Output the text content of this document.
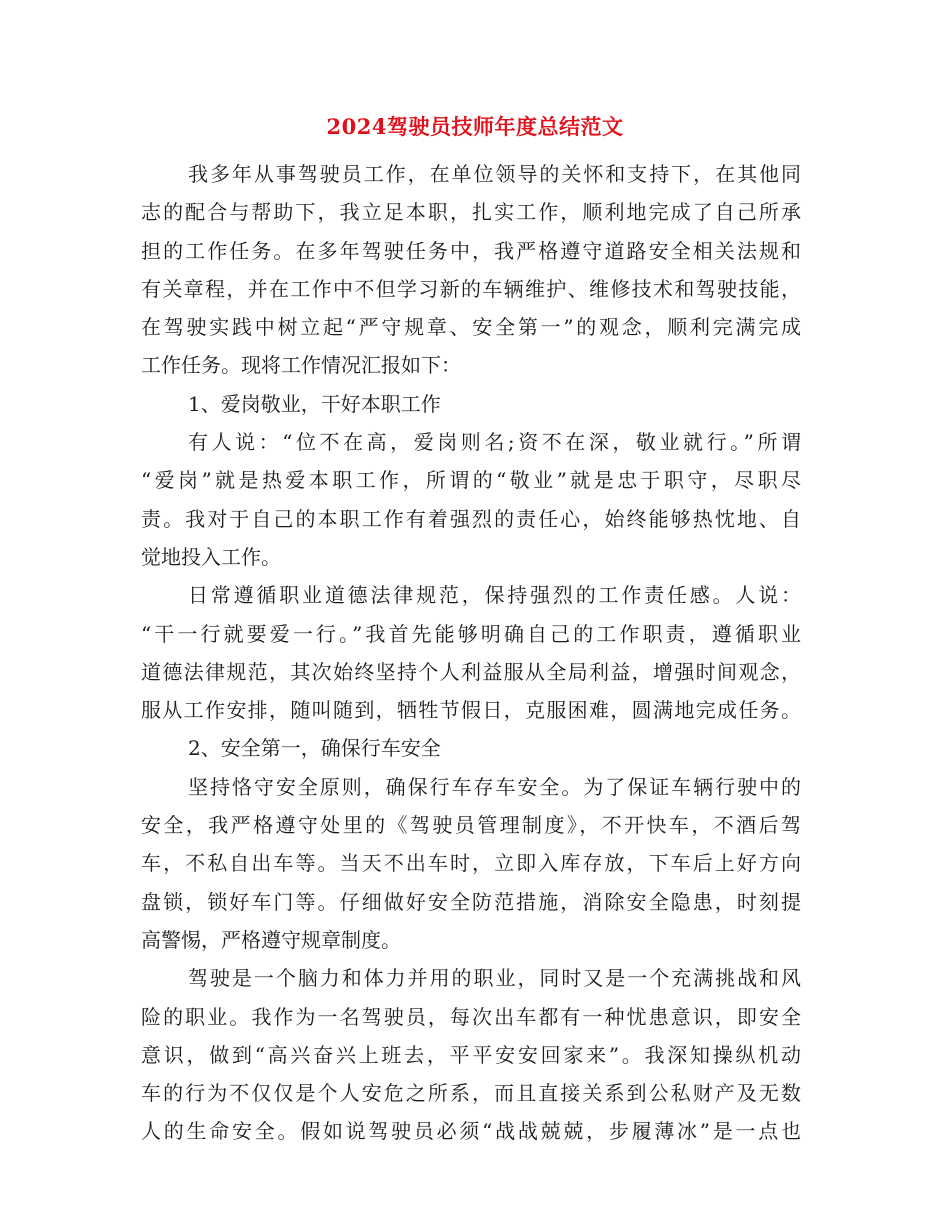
2024驾驶员技师年度总结范文
我多年从事驾驶员工作，在单位领导的关怀和支持下，在其他同
志的配合与帮助下，我立足本职，扎实工作，顺利地完成了自己所承
担的工作任务。在多年驾驶任务中，我严格遵守道路安全相关法规和
有关章程，并在工作中不但学习新的车辆维护、维修技术和驾驶技能，
在驾驶实践中树立起“严守规章、安全第一”的观念，顺利完满完成
工作任务。现将工作情况汇报如下：
1、爱岗敬业，干好本职工作
有人说：“位不在高，爱岗则名;资不在深，敬业就行。”所谓
“爱岗”就是热爱本职工作，所谓的“敬业”就是忠于职守，尽职尽
责。我对于自己的本职工作有着强烈的责任心，始终能够热忱地、自
觉地投入工作。
日常遵循职业道德法律规范，保持强烈的工作责任感。人说：
“干一行就要爱一行。”我首先能够明确自己的工作职责，遵循职业
道德法律规范，其次始终坚持个人利益服从全局利益，增强时间观念，
服从工作安排，随叫随到，牺牲节假日，克服困难，圆满地完成任务。
2、安全第一，确保行车安全
坚持恪守安全原则，确保行车存车安全。为了保证车辆行驶中的
安全，我严格遵守处里的《驾驶员管理制度》，不开快车，不酒后驾
车，不私自出车等。当天不出车时，立即入库存放，下车后上好方向
盘锁，锁好车门等。仔细做好安全防范措施，消除安全隐患，时刻提
高警惕，严格遵守规章制度。
驾驶是一个脑力和体力并用的职业，同时又是一个充满挑战和风
险的职业。我作为一名驾驶员，每次出车都有一种忧患意识，即安全
意识，做到“高兴奋兴上班去，平平安安回家来”。我深知操纵机动
车的行为不仅仅是个人安危之所系，而且直接关系到公私财产及无数
人的生命安全。假如说驾驶员必须“战战兢兢，步履薄冰”是一点也
